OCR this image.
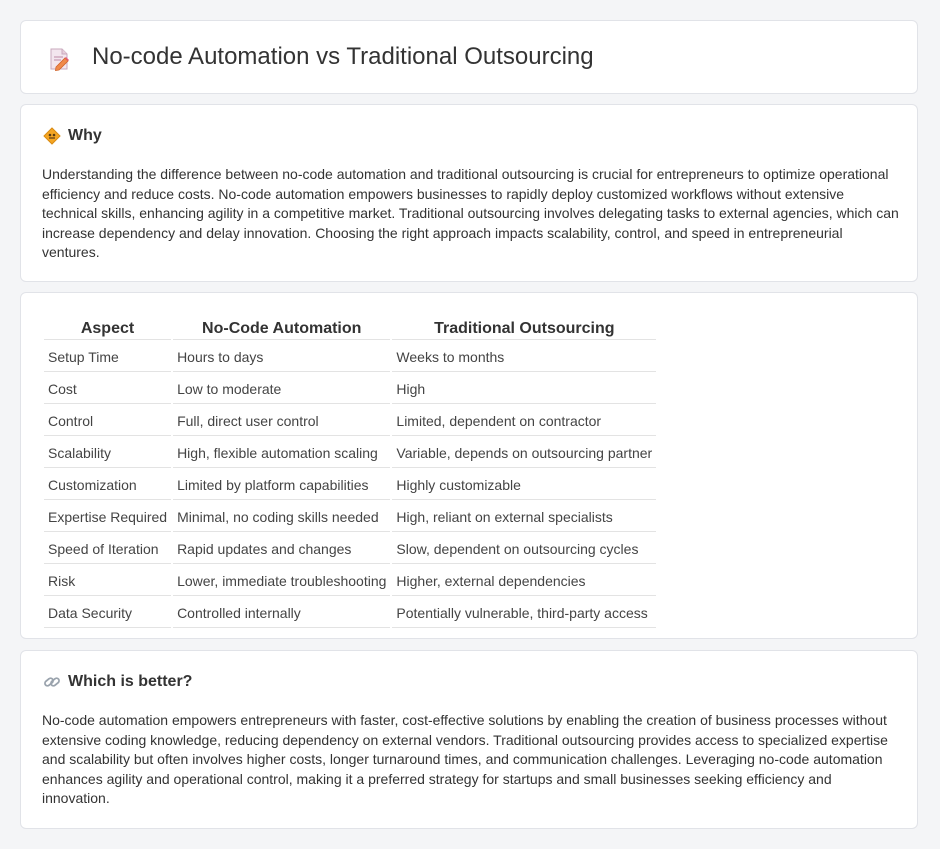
No-code Automation vs Traditional Outsourcing
Why

Understanding the difference between no-code automation and traditional outsourcing is crucial for entrepreneurs to optimize operational efficiency and reduce costs. No-code automation empowers businesses to rapidly deploy customized workflows without extensive technical skills, enhancing agility in a competitive market. Traditional outsourcing involves delegating tasks to external agencies, which can increase dependency and delay innovation. Choosing the right approach impacts scalability, control, and speed in entrepreneurial ventures.

Aspect	No-Code Automation	Traditional Outsourcing
Setup Time	Hours to days	Weeks to months
Cost	Low to moderate	High
Control	Full, direct user control	Limited, dependent on contractor
Scalability	High, flexible automation scaling	Variable, depends on outsourcing partner
Customization	Limited by platform capabilities	Highly customizable
Expertise Required	Minimal, no coding skills needed	High, reliant on external specialists
Speed of Iteration	Rapid updates and changes	Slow, dependent on outsourcing cycles
Risk	Lower, immediate troubleshooting	Higher, external dependencies
Data Security	Controlled internally	Potentially vulnerable, third-party access
Which is better?

No-code automation empowers entrepreneurs with faster, cost-effective solutions by enabling the creation of business processes without extensive coding knowledge, reducing dependency on external vendors. Traditional outsourcing provides access to specialized expertise and scalability but often involves higher costs, longer turnaround times, and communication challenges. Leveraging no-code automation enhances agility and operational control, making it a preferred strategy for startups and small businesses seeking efficiency and innovation.
